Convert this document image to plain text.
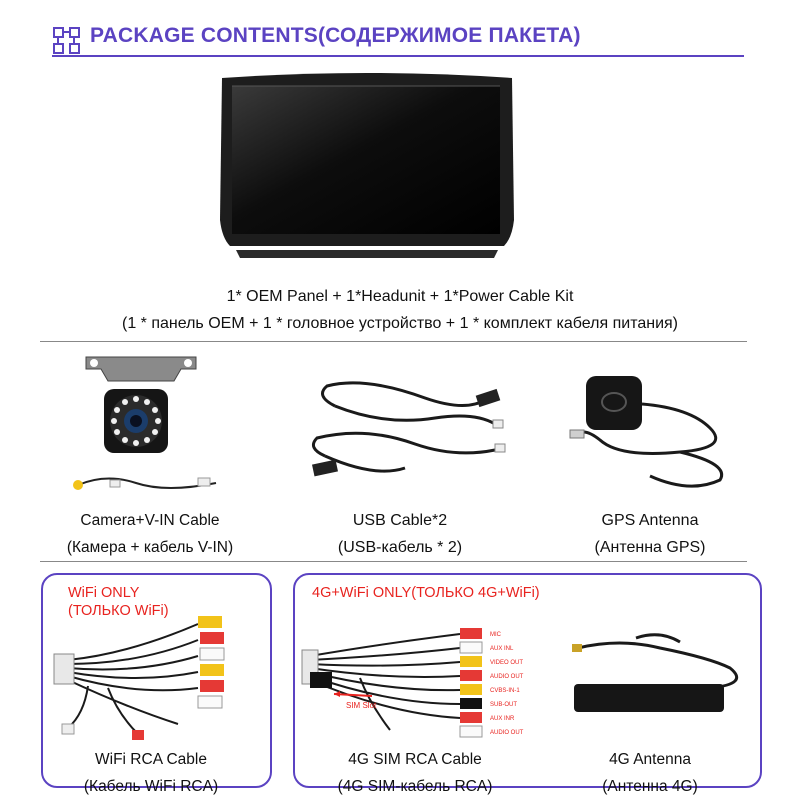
PACKAGE CONTENTS(СОДЕРЖИМОЕ ПАКЕТА)
1* OEM Panel + 1*Headunit + 1*Power Cable Kit
(1 * панель OEM + 1 * головное устройство + 1 * комплект кабеля питания)
Camera+V-IN Cable
(Камера + кабель V-IN)
USB Cable*2
(USB-кабель * 2)
GPS Antenna
(Антенна GPS)
WiFi ONLY
(ТОЛЬКО WiFi)
4G+WiFi ONLY(ТОЛЬКО 4G+WiFi)
WiFi RCA Cable
(Кабель WiFi RCA)
MIC
AUX INL
VIDEO OUT
AUDIO OUT
CVBS-IN-1
SUB-OUT
AUX INR
AUDIO OUT
SIM Slot
4G SIM RCA Cable
(4G SIM-кабель RCA)
4G Antenna
(Антенна 4G)
